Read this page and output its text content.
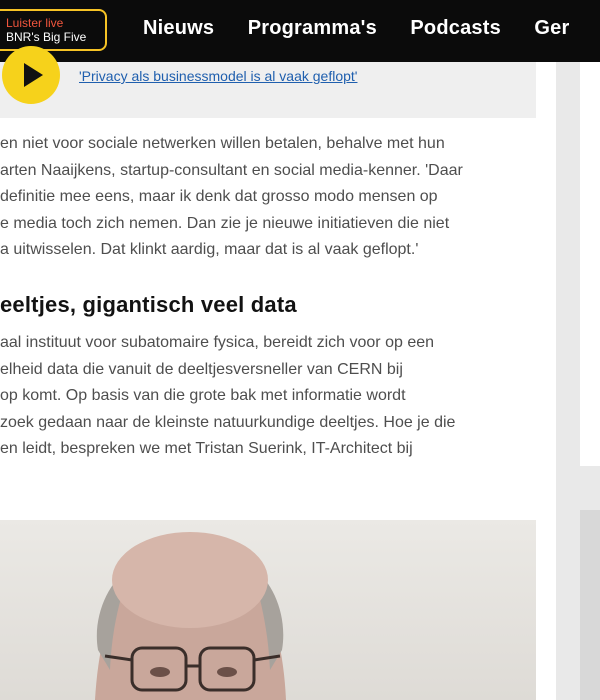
Luister live
BNR's Big Five	Nieuws Programma's Podcasts Ger
'Privacy als businessmodel is al vaak geflopt'

en niet voor sociale netwerken willen betalen, behalve met hun

arten Naaijkens, startup-consultant en social media-kenner. 'Daar

definitie mee eens, maar ik denk dat grosso modo mensen op

e media toch zich nemen. Dan zie je nieuwe initiatieven die niet

a uitwisselen. Dat klinkt aardig, maar dat is al vaak geflopt.'

eeltjes, gigantisch veel data

aal instituut voor subatomaire fysica, bereidt zich voor op een

elheid data die vanuit de deeltjesversneller van CERN bij

op komt. Op basis van die grote bak met informatie wordt

zoek gedaan naar de kleinste natuurkundige deeltjes. Hoe je die

en leidt, bespreken we met Tristan Suerink, IT-Architect bij
